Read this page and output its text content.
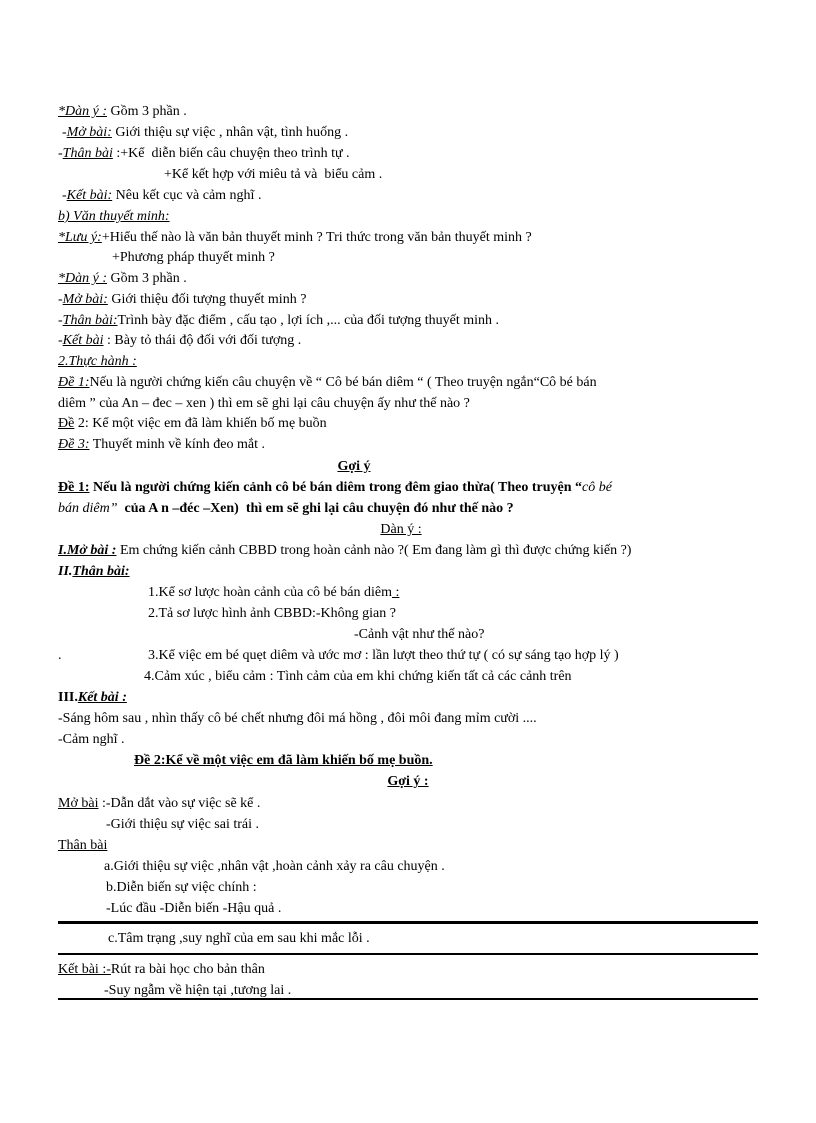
*Dàn ý : Gồm 3 phần .
-Mở bài: Giới thiệu sự việc , nhân vật, tình huống .
-Thân bài :+Kể  diễn biến câu chuyện theo trình tự .
+Kể kết hợp với miêu tả và  biểu cảm .
-Kết bài: Nêu kết cục và cảm nghĩ .
b) Văn thuyết minh:
*Lưu ý:+Hiểu thế nào là văn bản thuyết minh ? Tri thức trong văn bản thuyết minh ?
+Phương pháp thuyết minh ?
*Dàn ý : Gồm 3 phần .
-Mở bài: Giới thiệu đối tượng thuyết minh ?
-Thân bài:Trình bày đặc điểm , cấu tạo , lợi ích ,... của đối tượng thuyết minh .
-Kết bài : Bày tỏ thái độ đối với đối tượng .
2.Thực hành :
Đề 1:Nếu là người chứng kiến câu chuyện về “ Cô bé bán diêm “ ( Theo truyện ngắn“Cô bé bán
diêm ” của An – đec – xen ) thì em sẽ ghi lại câu chuyện ấy như thế nào ?
Đề 2: Kể một việc em đã làm khiến bố mẹ buồn
Đề 3: Thuyết minh về kính đeo mắt .
Gợi ý
Đề 1: Nếu là người chứng kiến cảnh cô bé bán diêm trong đêm giao thừa( Theo truyện “cô bé
bán diêm”  của A n –đéc –Xen)  thì em sẽ ghi lại câu chuyện đó như thế nào ?
Dàn ý :
I.Mở bài : Em chứng kiến cảnh CBBD trong hoàn cảnh nào ?( Em đang làm gì thì được chứng kiến ?)
II.Thân bài:
1.Kể sơ lược hoàn cảnh của cô bé bán diêm :
2.Tả sơ lược hình ảnh CBBD:-Không gian ?
-Cảnh vật như thế nào?
.	3.Kể việc em bé quẹt diêm và ước mơ : lần lượt theo thứ tự ( có sự sáng tạo hợp lý )
4.Cảm xúc , biểu cảm : Tình cảm của em khi chứng kiến tất cả các cảnh trên
III.Kết bài :
-Sáng hôm sau , nhìn thấy cô bé chết nhưng đôi má hồng , đôi môi đang mỉm cười ....
-Cảm nghĩ .
Đề 2:Kể về một việc em đã làm khiến bố mẹ buồn.
Gợi ý :
Mở bài :-Dẫn dắt vào sự việc sẽ kể .
-Giới thiệu sự việc sai trái .
Thân bài
a.Giới thiệu sự việc ,nhân vật ,hoàn cảnh xảy ra câu chuyện .
b.Diễn biến sự việc chính :
-Lúc đầu -Diễn biến -Hậu quả .
c.Tâm trạng ,suy nghĩ của em sau khi mắc lỗi .
Kết bài :-Rút ra bài học cho bản thân
-Suy ngẫm về hiện tại ,tương lai .
